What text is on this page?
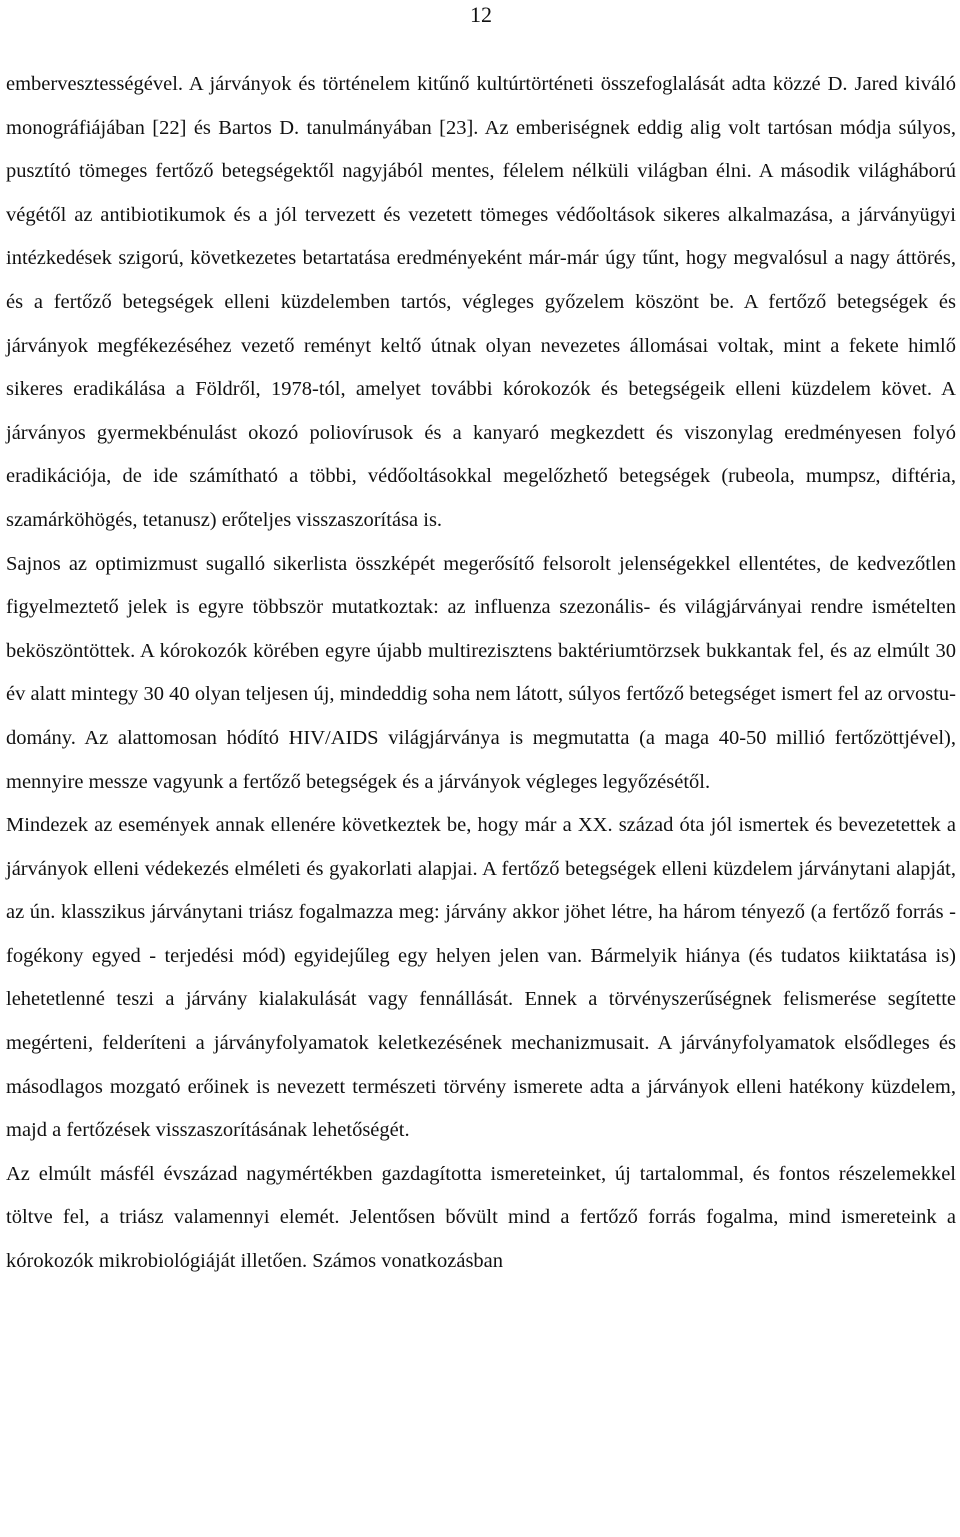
12

embervesztességével. A járványok és történelem kitűnő kultúrtörténeti összefoglalását adta közzé D. Jared kiváló monográfiájában [22] és Bartos D. tanulmányában [23]. Az emberiségnek eddig alig volt tartósan módja súlyos, pusztító tömeges fertőző betegségektől nagyjából mentes, félelem nélküli világban élni. A második világháború végétől az antibiotikumok és a jól tervezett és vezetett tömeges védőoltások sikeres alkalmazása, a járványügyi intézkedések szigorú, következetes betartatása eredményeként már-már úgy tűnt, hogy megvalósul a nagy áttörés, és a fertőző betegségek elleni küzdelemben tartós, végleges győzelem köszönt be. A fertőző betegségek és járványok megfékezéséhez vezető reményt keltő útnak olyan nevezetes állomásai voltak, mint a fekete himlő sikeres eradikálása a Földről, 1978-tól, amelyet további kórokozók és betegségeik elleni küzdelem követ. A járványos gyermekbénulást okozó poliovírusok és a kanyaró megkezdett és viszonylag eredményesen folyó eradikációja, de ide számítható a többi, védőoltásokkal megelőzhető betegségek (rubeola, mumpsz, diftéria, szamárköhögés, tetanusz) erőteljes visszaszorítása is.

Sajnos az optimizmust sugalló sikerlista összképét megerősítő felsorolt jelenségekkel ellentétes, de kedvezőtlen figyelmeztető jelek is egyre többször mutatkoztak: az influenza szezonális- és világjárványai rendre ismételten beköszöntöttek. A kórokozók körében egyre újabb multirezisztens baktériumtörzsek bukkantak fel, és az elmúlt 30 év alatt mintegy 30 40 olyan teljesen új, mindeddig soha nem látott, súlyos fertőző betegséget ismert fel az orvostudomány. Az alattomosan hódító HIV/AIDS világjárványa is megmutatta (a maga 40-50 millió fertőzöttjével), mennyire messze vagyunk a fertőző betegségek és a járványok végleges legyőzésétől.

Mindezek az események annak ellenére következtek be, hogy már a XX. század óta jól ismertek és bevezetettek a járványok elleni védekezés elméleti és gyakorlati alapjai. A fertőző betegségek elleni küzdelem járványtani alapját, az ún. klasszikus járványtani triász fogalmazza meg: járvány akkor jöhet létre, ha három tényező (a fertőző forrás - fogékony egyed - terjedési mód) egyidejűleg egy helyen jelen van. Bármelyik hiánya (és tudatos kiiktatása is) lehetetlenné teszi a járvány kialakulását vagy fennállását. Ennek a törvényszerűségnek felismerése segítette megérteni, felderíteni a járványfolyamatok keletkezésének mechanizmusait. A járványfolyamatok elsődleges és másodlagos mozgató erőinek is nevezett természeti törvény ismerete adta a járványok elleni hatékony küzdelem, majd a fertőzések visszaszorításának lehetőségét.

Az elmúlt másfél évszázad nagymértékben gazdagította ismereteinket, új tartalommal, és fontos részelemekkel töltve fel, a triász valamennyi elemét. Jelentősen bővült mind a fertőző forrás fogalma, mind ismereteink a kórokozók mikrobiológiáját illetően. Számos vonatkozásban
